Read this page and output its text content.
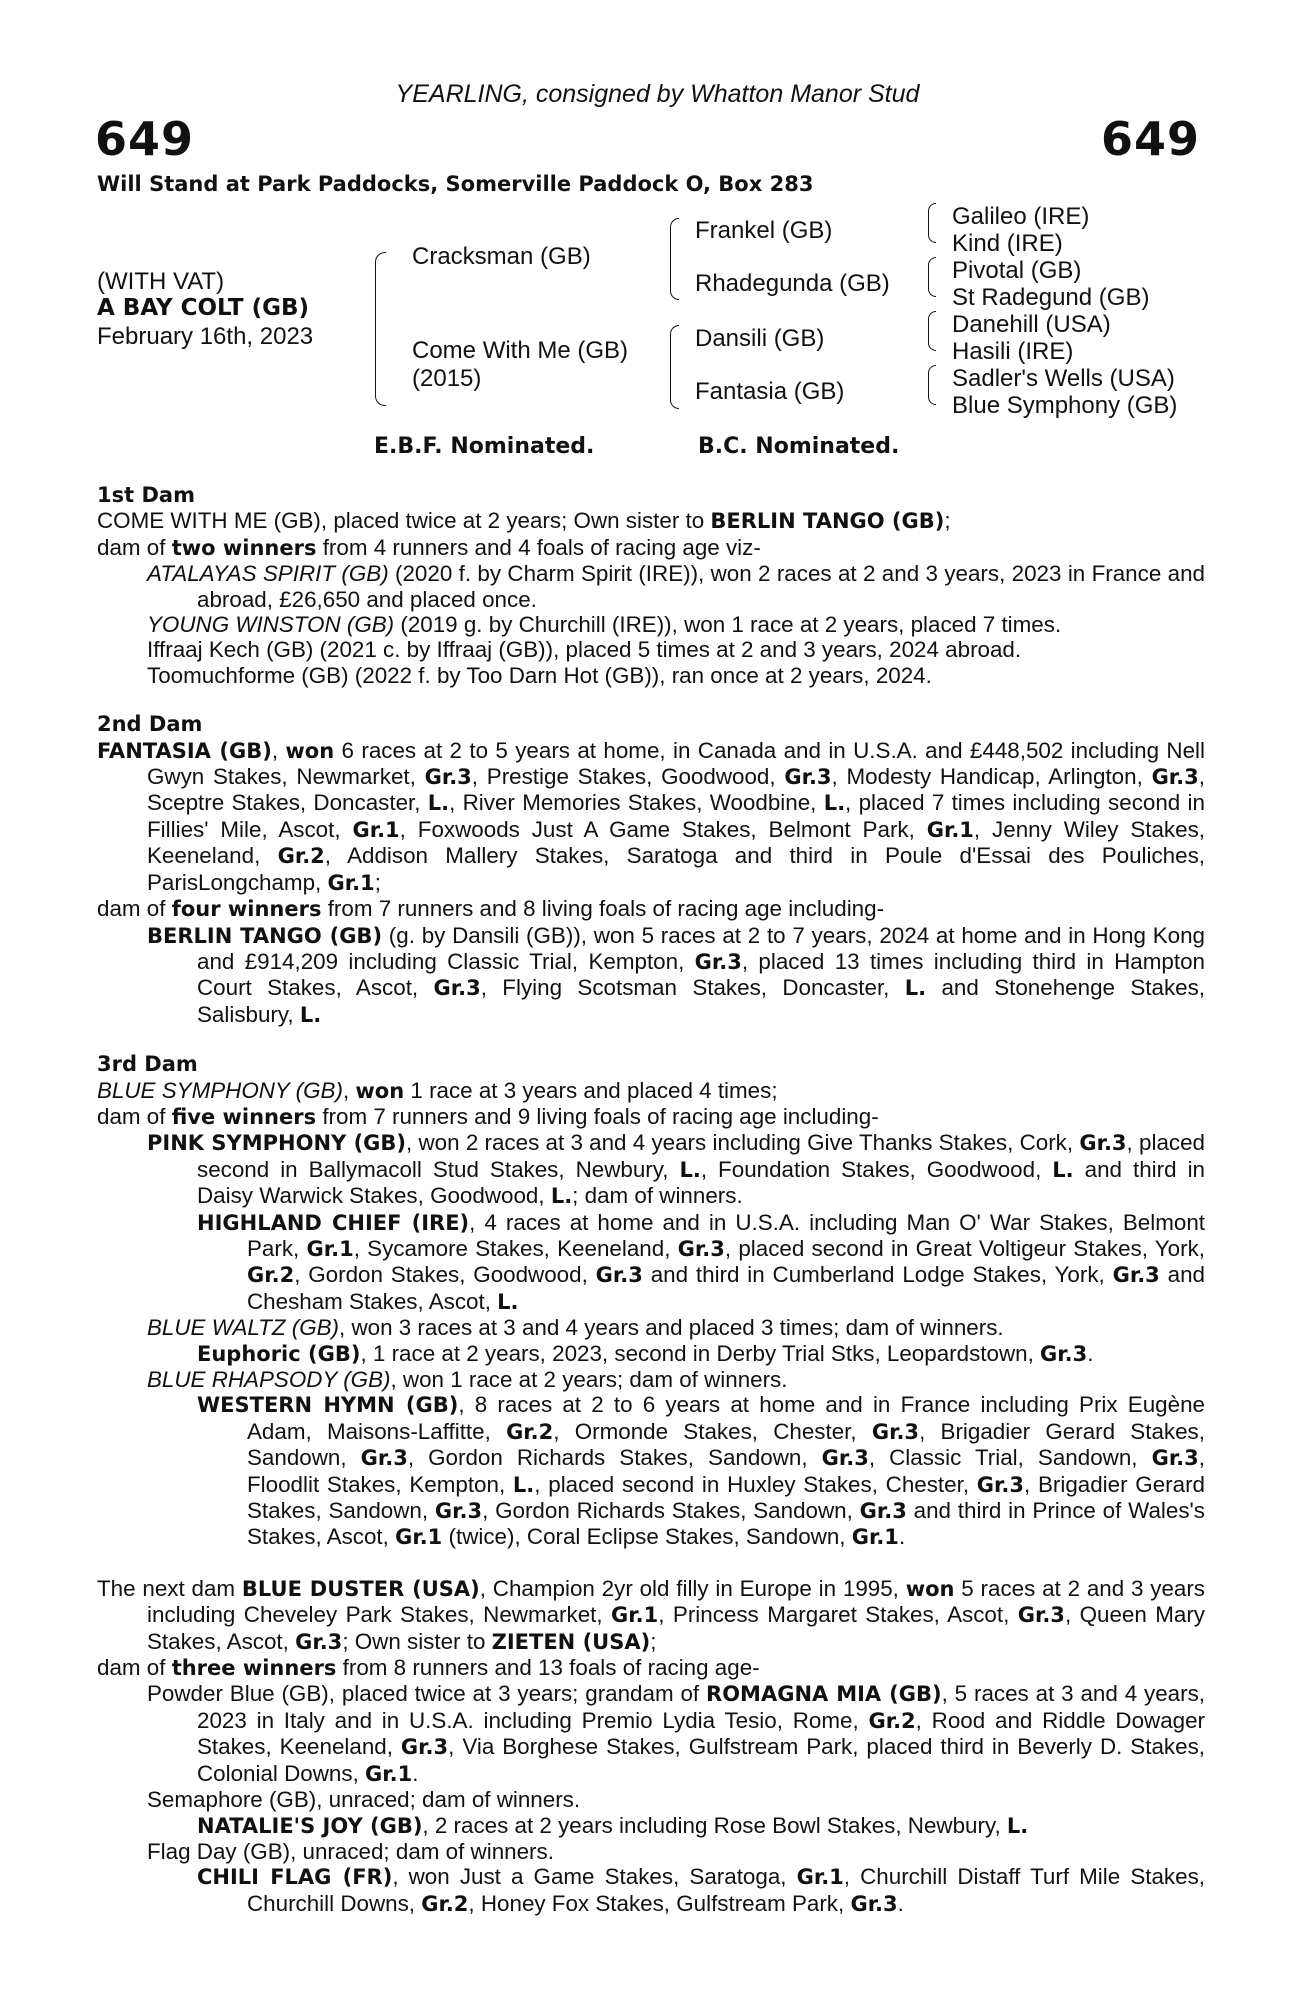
YEARLING, consigned by Whatton Manor Stud
649	649
Will Stand at Park Paddocks, Somerville Paddock O, Box 283
(WITH VAT)
A BAY COLT (GB)
February 16th, 2023
Cracksman (GB)
Come With Me (GB)
(2015)
Frankel (GB)
Rhadegunda (GB)
Dansili (GB)
Fantasia (GB)
Galileo (IRE)
Kind (IRE)
Pivotal (GB)
St Radegund (GB)
Danehill (USA)
Hasili (IRE)
Sadler's Wells (USA)
Blue Symphony (GB)
E.B.F. Nominated.	B.C. Nominated.
1st Dam
COME WITH ME (GB), placed twice at 2 years; Own sister to BERLIN TANGO (GB);
dam of two winners from 4 runners and 4 foals of racing age viz-
ATALAYAS SPIRIT (GB) (2020 f. by Charm Spirit (IRE)), won 2 races at 2 and 3 years, 2023 in France and abroad, £26,650 and placed once.
YOUNG WINSTON (GB) (2019 g. by Churchill (IRE)), won 1 race at 2 years, placed 7 times.
Iffraaj Kech (GB) (2021 c. by Iffraaj (GB)), placed 5 times at 2 and 3 years, 2024 abroad.
Toomuchforme (GB) (2022 f. by Too Darn Hot (GB)), ran once at 2 years, 2024.
2nd Dam
FANTASIA (GB), won 6 races at 2 to 5 years at home, in Canada and in U.S.A. and £448,502 including Nell Gwyn Stakes, Newmarket, Gr.3, Prestige Stakes, Goodwood, Gr.3, Modesty Handicap, Arlington, Gr.3, Sceptre Stakes, Doncaster, L., River Memories Stakes, Woodbine, L., placed 7 times including second in Fillies' Mile, Ascot, Gr.1, Foxwoods Just A Game Stakes, Belmont Park, Gr.1, Jenny Wiley Stakes, Keeneland, Gr.2, Addison Mallery Stakes, Saratoga and third in Poule d'Essai des Pouliches, ParisLongchamp, Gr.1;
dam of four winners from 7 runners and 8 living foals of racing age including-
BERLIN TANGO (GB) (g. by Dansili (GB)), won 5 races at 2 to 7 years, 2024 at home and in Hong Kong and £914,209 including Classic Trial, Kempton, Gr.3, placed 13 times including third in Hampton Court Stakes, Ascot, Gr.3, Flying Scotsman Stakes, Doncaster, L. and Stonehenge Stakes, Salisbury, L.
3rd Dam
BLUE SYMPHONY (GB), won 1 race at 3 years and placed 4 times;
dam of five winners from 7 runners and 9 living foals of racing age including-
PINK SYMPHONY (GB), won 2 races at 3 and 4 years including Give Thanks Stakes, Cork, Gr.3, placed second in Ballymacoll Stud Stakes, Newbury, L., Foundation Stakes, Goodwood, L. and third in Daisy Warwick Stakes, Goodwood, L.; dam of winners.
HIGHLAND CHIEF (IRE), 4 races at home and in U.S.A. including Man O' War Stakes, Belmont Park, Gr.1, Sycamore Stakes, Keeneland, Gr.3, placed second in Great Voltigeur Stakes, York, Gr.2, Gordon Stakes, Goodwood, Gr.3 and third in Cumberland Lodge Stakes, York, Gr.3 and Chesham Stakes, Ascot, L.
BLUE WALTZ (GB), won 3 races at 3 and 4 years and placed 3 times; dam of winners.
Euphoric (GB), 1 race at 2 years, 2023, second in Derby Trial Stks, Leopardstown, Gr.3.
BLUE RHAPSODY (GB), won 1 race at 2 years; dam of winners.
WESTERN HYMN (GB), 8 races at 2 to 6 years at home and in France including Prix Eugène Adam, Maisons-Laffitte, Gr.2, Ormonde Stakes, Chester, Gr.3, Brigadier Gerard Stakes, Sandown, Gr.3, Gordon Richards Stakes, Sandown, Gr.3, Classic Trial, Sandown, Gr.3, Floodlit Stakes, Kempton, L., placed second in Huxley Stakes, Chester, Gr.3, Brigadier Gerard Stakes, Sandown, Gr.3, Gordon Richards Stakes, Sandown, Gr.3 and third in Prince of Wales's Stakes, Ascot, Gr.1 (twice), Coral Eclipse Stakes, Sandown, Gr.1.
The next dam BLUE DUSTER (USA), Champion 2yr old filly in Europe in 1995, won 5 races at 2 and 3 years including Cheveley Park Stakes, Newmarket, Gr.1, Princess Margaret Stakes, Ascot, Gr.3, Queen Mary Stakes, Ascot, Gr.3; Own sister to ZIETEN (USA);
dam of three winners from 8 runners and 13 foals of racing age-
Powder Blue (GB), placed twice at 3 years; grandam of ROMAGNA MIA (GB), 5 races at 3 and 4 years, 2023 in Italy and in U.S.A. including Premio Lydia Tesio, Rome, Gr.2, Rood and Riddle Dowager Stakes, Keeneland, Gr.3, Via Borghese Stakes, Gulfstream Park, placed third in Beverly D. Stakes, Colonial Downs, Gr.1.
Semaphore (GB), unraced; dam of winners.
NATALIE'S JOY (GB), 2 races at 2 years including Rose Bowl Stakes, Newbury, L.
Flag Day (GB), unraced; dam of winners.
CHILI FLAG (FR), won Just a Game Stakes, Saratoga, Gr.1, Churchill Distaff Turf Mile Stakes, Churchill Downs, Gr.2, Honey Fox Stakes, Gulfstream Park, Gr.3.
